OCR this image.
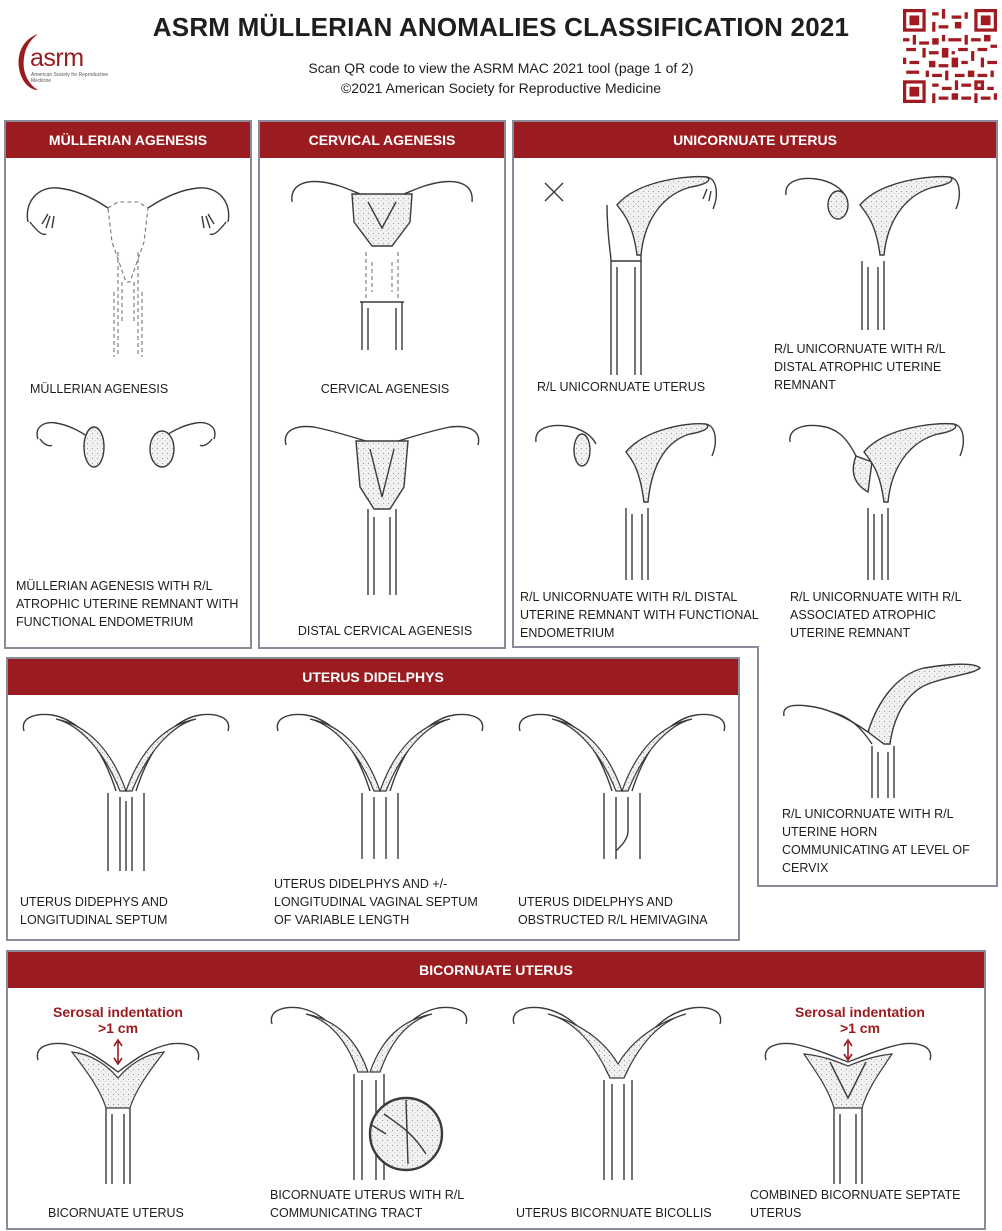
ASRM MÜLLERIAN ANOMALIES CLASSIFICATION 2021
Scan QR code to view the ASRM MAC 2021 tool (page 1 of 2)
©2021 American Society for Reproductive Medicine
asrm
American Society for Reproductive Medicine
MÜLLERIAN AGENESIS
MÜLLERIAN AGENESIS
MÜLLERIAN AGENESIS WITH R/L ATROPHIC UTERINE REMNANT WITH FUNCTIONAL ENDOMETRIUM
CERVICAL AGENESIS
CERVICAL AGENESIS
DISTAL CERVICAL AGENESIS
UNICORNUATE UTERUS
R/L UNICORNUATE UTERUS
R/L UNICORNUATE WITH R/L DISTAL ATROPHIC UTERINE REMNANT
R/L UNICORNUATE WITH R/L DISTAL UTERINE REMNANT WITH FUNCTIONAL ENDOMETRIUM
R/L UNICORNUATE WITH R/L ASSOCIATED ATROPHIC UTERINE REMNANT
R/L UNICORNUATE WITH R/L UTERINE HORN COMMUNICATING AT LEVEL OF CERVIX
UTERUS DIDELPHYS
UTERUS DIDEPHYS AND LONGITUDINAL SEPTUM
UTERUS DIDELPHYS AND +/- LONGITUDINAL VAGINAL SEPTUM OF VARIABLE LENGTH
UTERUS DIDELPHYS AND OBSTRUCTED R/L HEMIVAGINA
BICORNUATE UTERUS
Serosal indentation
>1 cm
BICORNUATE UTERUS
BICORNUATE UTERUS WITH R/L COMMUNICATING TRACT	UTERUS BICORNUATE BICOLLIS
Serosal indentation
>1 cm
COMBINED BICORNUATE SEPTATE UTERUS
